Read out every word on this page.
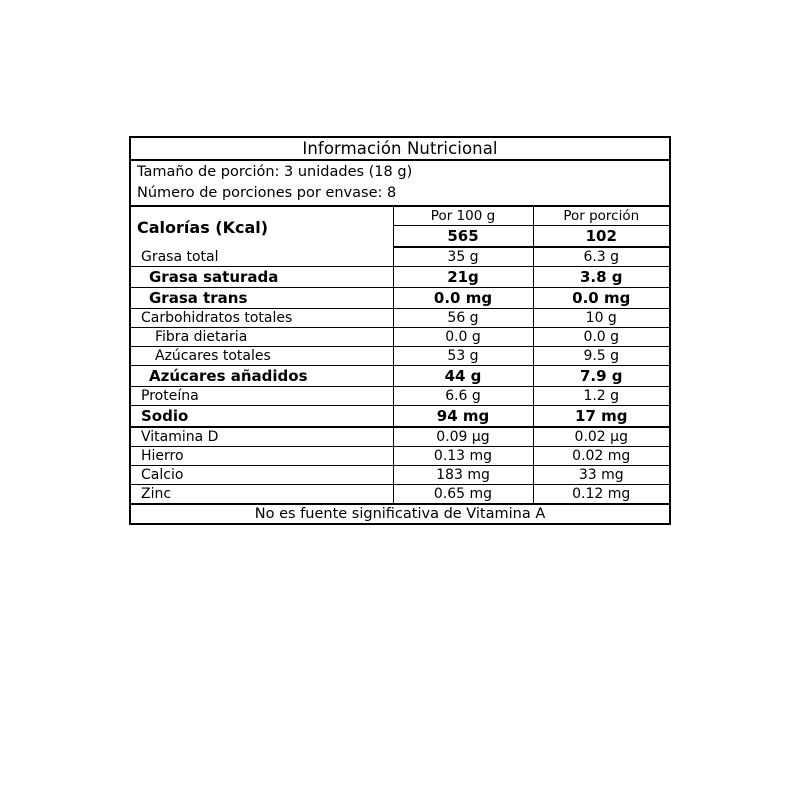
Información Nutricional		

Tamaño de porción: 3 unidades (18 g)
Número de porciones por envase: 8		

Calorías (Kcal)	Por 100 g	Por porción
	565	102
Grasa total	35 g	6.3 g
Grasa saturada	21g	3.8 g
Grasa trans	0.0 mg	0.0 mg
Carbohidratos totales	56 g	10 g
Fibra dietaria	0.0 g	0.0 g
Azúcares totales	53 g	9.5 g
Azúcares añadidos	44 g	7.9 g
Proteína	6.6 g	1.2 g
Sodio	94 mg	17 mg
Vitamina D	0.09 µg	0.02 µg
Hierro	0.13 mg	0.02 mg
Calcio	183 mg	33 mg
Zinc	0.65 mg	0.12 mg
No es fuente significativa de Vitamina A		
